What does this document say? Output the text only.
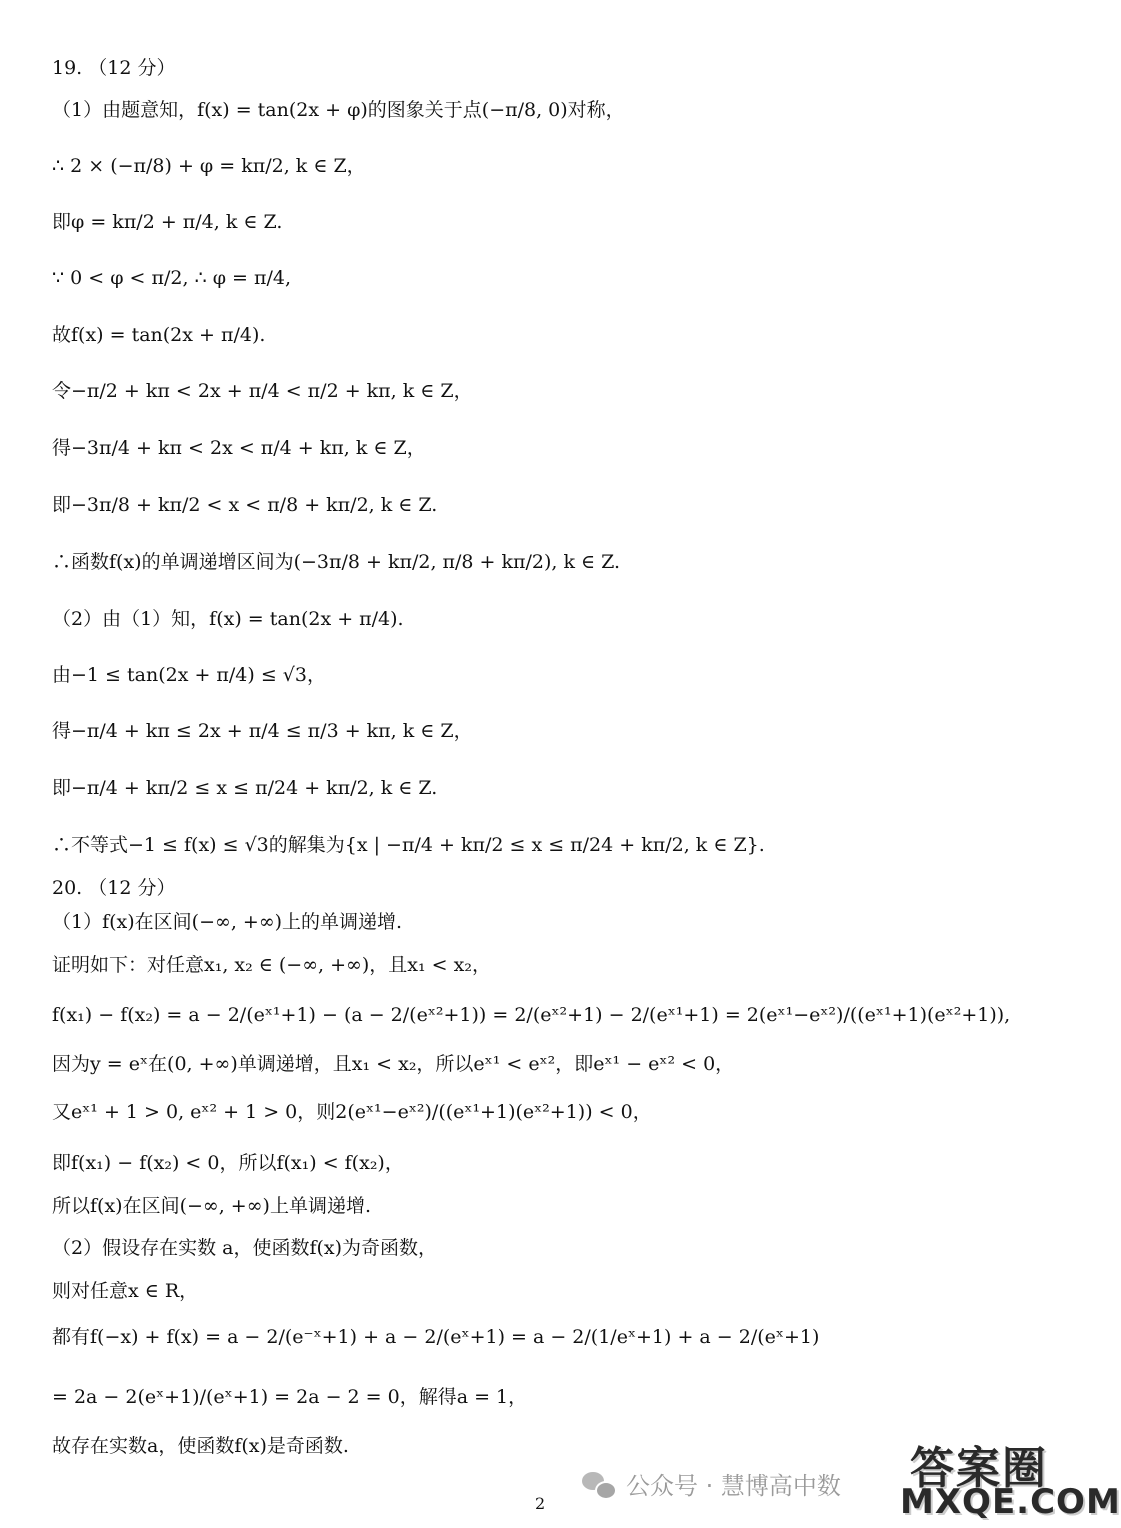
19. （12 分）
（1）由题意知，f(x) = tan(2x + φ)的图象关于点(−π/8, 0)对称，
∴ 2 × (−π/8) + φ = kπ/2, k ∈ Z，
即φ = kπ/2 + π/4, k ∈ Z.
∵ 0 < φ < π/2, ∴ φ = π/4,
故f(x) = tan(2x + π/4).
令−π/2 + kπ < 2x + π/4 < π/2 + kπ, k ∈ Z，
得−3π/4 + kπ < 2x < π/4 + kπ, k ∈ Z，
即−3π/8 + kπ/2 < x < π/8 + kπ/2, k ∈ Z.
∴函数f(x)的单调递增区间为(−3π/8 + kπ/2, π/8 + kπ/2), k ∈ Z.
（2）由（1）知，f(x) = tan(2x + π/4).
由−1 ≤ tan(2x + π/4) ≤ √3，
得−π/4 + kπ ≤ 2x + π/4 ≤ π/3 + kπ, k ∈ Z，
即−π/4 + kπ/2 ≤ x ≤ π/24 + kπ/2, k ∈ Z.
∴不等式−1 ≤ f(x) ≤ √3的解集为{x | −π/4 + kπ/2 ≤ x ≤ π/24 + kπ/2, k ∈ Z}.
20. （12 分）
（1）f(x)在区间(−∞, +∞)上的单调递增.
证明如下：对任意x₁, x₂ ∈ (−∞, +∞)，且x₁ < x₂，
f(x₁) − f(x₂) = a − 2/(eˣ¹+1) − (a − 2/(eˣ²+1)) = 2/(eˣ²+1) − 2/(eˣ¹+1) = 2(eˣ¹−eˣ²)/((eˣ¹+1)(eˣ²+1)),
因为y = eˣ在(0, +∞)单调递增，且x₁ < x₂，所以eˣ¹ < eˣ²，即eˣ¹ − eˣ² < 0，
又eˣ¹ + 1 > 0, eˣ² + 1 > 0，则2(eˣ¹−eˣ²)/((eˣ¹+1)(eˣ²+1)) < 0，
即f(x₁) − f(x₂) < 0，所以f(x₁) < f(x₂)，
所以f(x)在区间(−∞, +∞)上单调递增.
（2）假设存在实数 a，使函数f(x)为奇函数，
则对任意x ∈ R，
都有f(−x) + f(x) = a − 2/(e⁻ˣ+1) + a − 2/(eˣ+1) = a − 2/(1/eˣ+1) + a − 2/(eˣ+1)
= 2a − 2(eˣ+1)/(eˣ+1) = 2a − 2 = 0，解得a = 1，
故存在实数a，使函数f(x)是奇函数.
公众号 · 慧博高中数
2
答案圈
MXQE.COM
